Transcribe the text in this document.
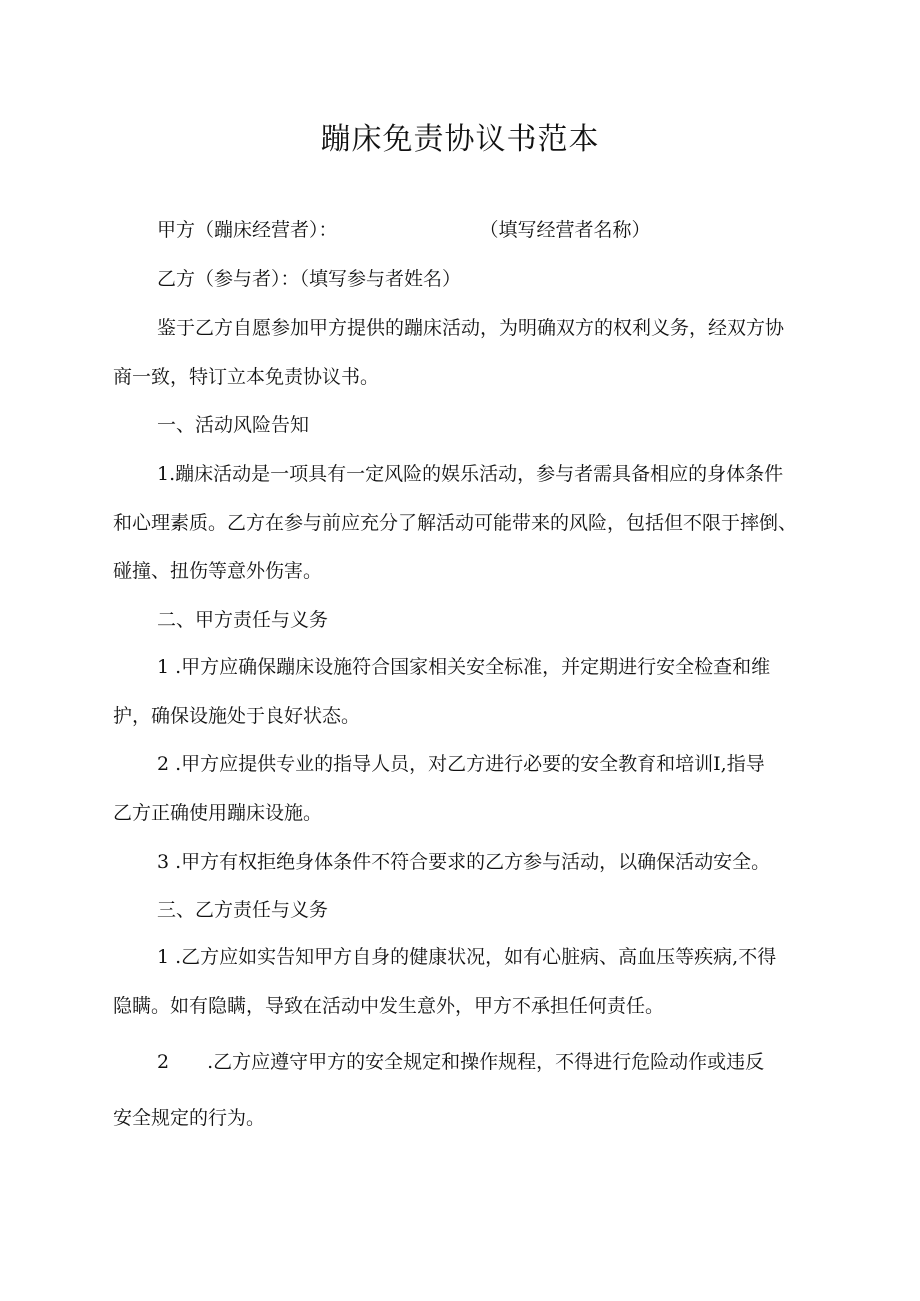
蹦床免责协议书范本
甲方（蹦床经营者）：	（填写经营者名称）
乙方（参与者）：（填写参与者姓名）
鉴于乙方自愿参加甲方提供的蹦床活动，为明确双方的权利义务，经双方协
商一致，特订立本免责协议书。
一、活动风险告知
1.蹦床活动是一项具有一定风险的娱乐活动，参与者需具备相应的身体条件
和心理素质。乙方在参与前应充分了解活动可能带来的风险，包括但不限于摔倒、
碰撞、扭伤等意外伤害。
二、甲方责任与义务
1 .甲方应确保蹦床设施符合国家相关安全标准，并定期进行安全检查和维
护，确保设施处于良好状态。
2 .甲方应提供专业的指导人员，对乙方进行必要的安全教育和培训I,指导
乙方正确使用蹦床设施。
3 .甲方有权拒绝身体条件不符合要求的乙方参与活动，以确保活动安全。
三、乙方责任与义务
1 .乙方应如实告知甲方自身的健康状况，如有心脏病、高血压等疾病,不得
隐瞒。如有隐瞒，导致在活动中发生意外，甲方不承担任何责任。
2 .乙方应遵守甲方的安全规定和操作规程，不得进行危险动作或违反
安全规定的行为。
